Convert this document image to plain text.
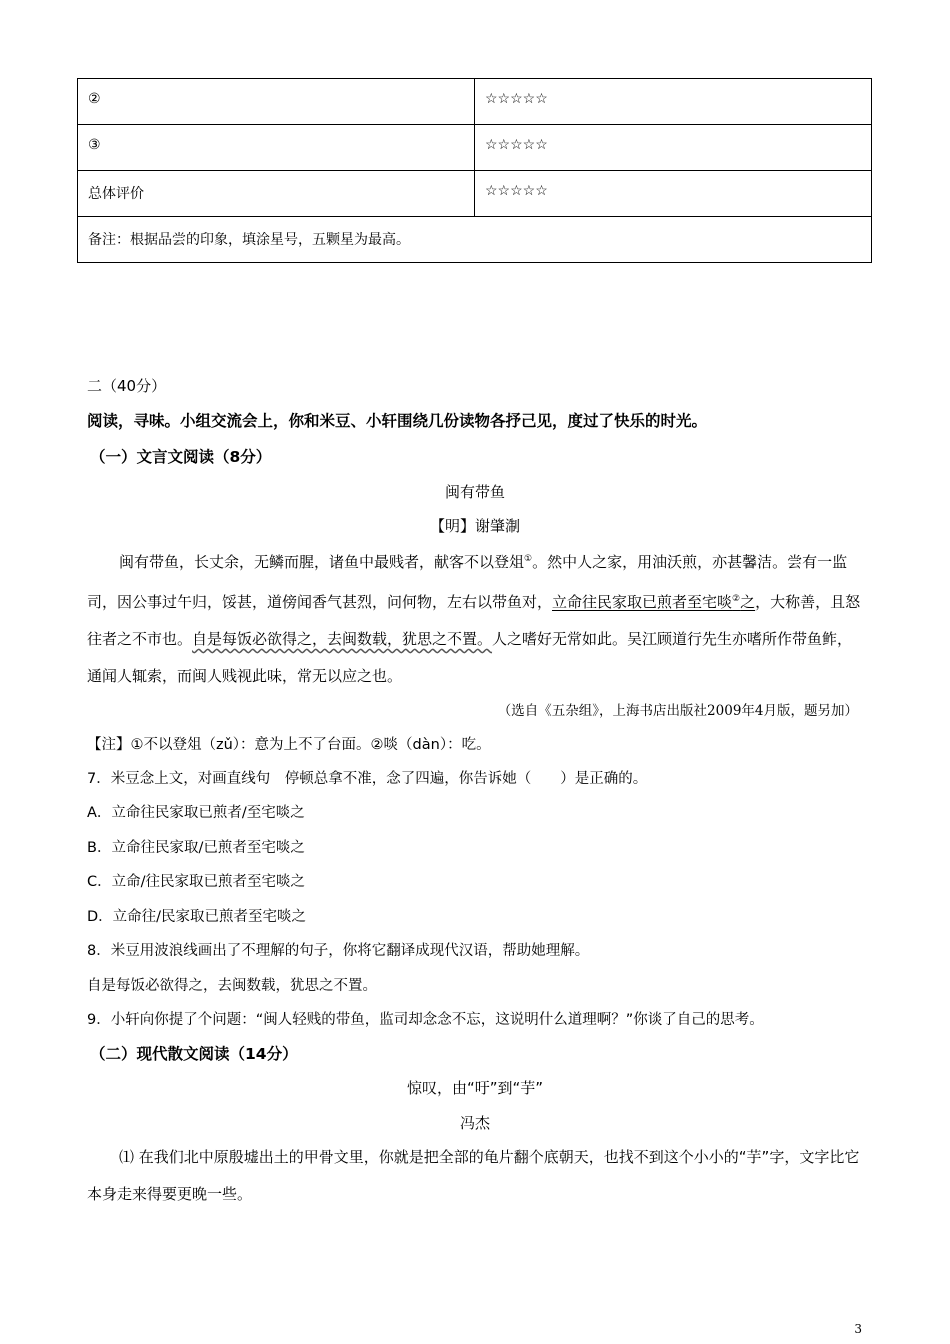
②	☆☆☆☆☆
③	☆☆☆☆☆
总体评价	☆☆☆☆☆
备注：根据品尝的印象，填涂星号，五颗星为最高。	
二（40分）
阅读，寻味。小组交流会上，你和米豆、小轩围绕几份读物各抒己见，度过了快乐的时光。
（一）文言文阅读（8分）
闽有带鱼
【明】谢肇淛
闽有带鱼，长丈余，无鳞而腥，诸鱼中最贱者，献客不以登俎①。然中人之家，用油沃煎，亦甚馨洁。尝有一监司，因公事过午归，馁甚，道傍闻香气甚烈，问何物，左右以带鱼对，立命往民家取已煎者至宅啖②之，大称善，且怒往者之不市也。自是每饭必欲得之，去闽数载，犹思之不置。人之嗜好无常如此。吴江顾道行先生亦嗜所作带鱼鲊，通闻人辄索，而闽人贱视此味，常无以应之也。
（选自《五杂组》，上海书店出版社2009年4月版，题另加）
【注】①不以登俎（zǔ）：意为上不了台面。②啖（dàn）：吃。
7．米豆念上文，对画直线句　停顿总拿不准，念了四遍，你告诉她（　　）是正确的。
A．立命往民家取已煎者/至宅啖之
B．立命往民家取/已煎者至宅啖之
C．立命/往民家取已煎者至宅啖之
D．立命往/民家取已煎者至宅啖之
8．米豆用波浪线画出了不理解的句子，你将它翻译成现代汉语，帮助她理解。
自是每饭必欲得之，去闽数载，犹思之不置。
9．小轩向你提了个问题：“闽人轻贱的带鱼，监司却念念不忘，这说明什么道理啊？”你谈了自己的思考。
（二）现代散文阅读（14分）
惊叹，由“吁”到“芋”
冯杰
⑴ 在我们北中原殷墟出土的甲骨文里，你就是把全部的龟片翻个底朝天，也找不到这个小小的“芋”字，文字比它本身走来得要更晚一些。
3
